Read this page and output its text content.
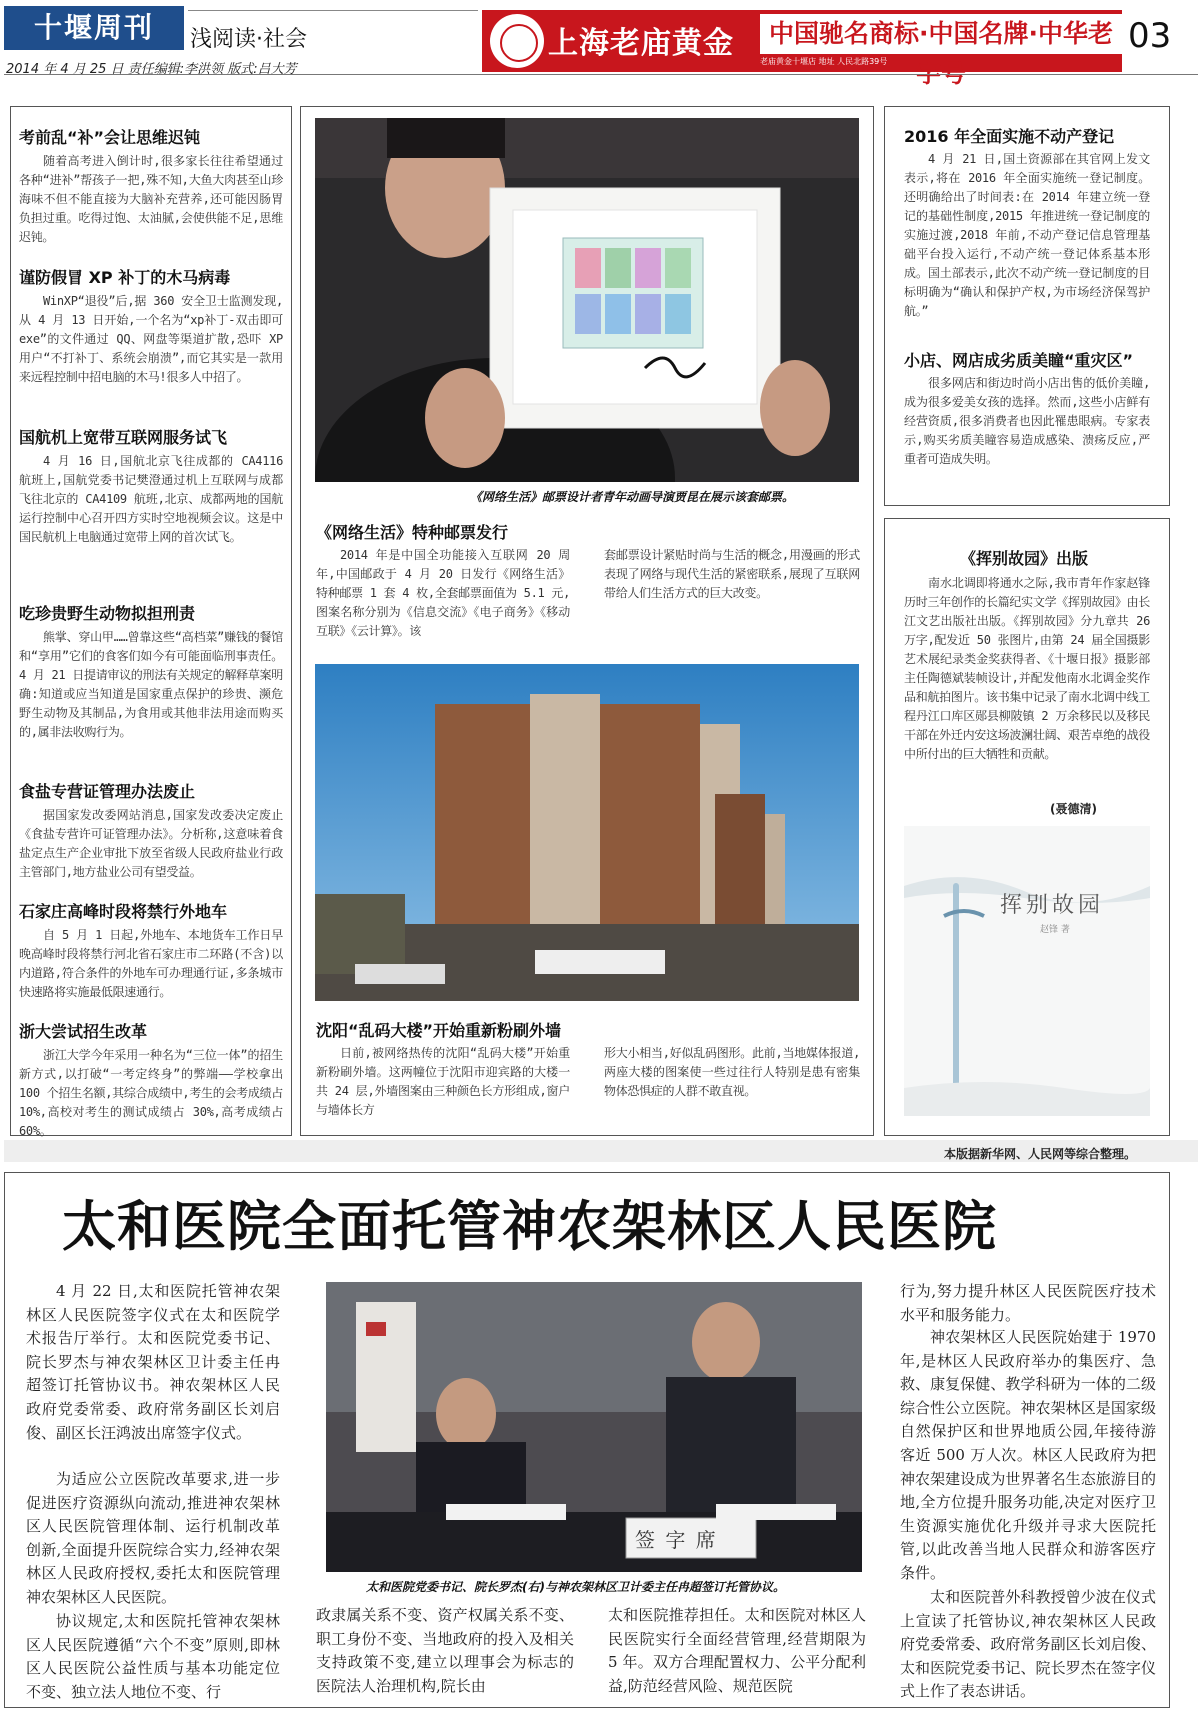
十堰周刊	浅阅读·社会
2014 年 4 月 25 日 责任编辑:李洪领 版式:吕大芳
上海老庙黄金	中国驰名商标·中国名牌·中华老字号
老庙黄金十堰店 地址 人民北路39号
03
考前乱“补”会让思维迟钝

随着高考进入倒计时,很多家长往往希望通过各种“进补”帮孩子一把,殊不知,大鱼大肉甚至山珍海味不但不能直接为大脑补充营养,还可能因肠胃负担过重。吃得过饱、太油腻,会使供能不足,思维迟钝。

谨防假冒 XP 补丁的木马病毒

WinXP“退役”后,据 360 安全卫士监测发现,从 4 月 13 日开始,一个名为“xp补丁-双击即可 exe”的文件通过 QQ、网盘等渠道扩散,恐吓 XP 用户“不打补丁、系统会崩溃”,而它其实是一款用来远程控制中招电脑的木马!很多人中招了。

国航机上宽带互联网服务试飞

4 月 16 日,国航北京飞往成都的 CA4116 航班上,国航党委书记樊澄通过机上互联网与成都飞往北京的 CA4109 航班,北京、成都两地的国航运行控制中心召开四方实时空地视频会议。这是中国民航机上电脑通过宽带上网的首次试飞。

吃珍贵野生动物拟担刑责

熊掌、穿山甲……曾靠这些“高档菜”赚钱的餐馆和“享用”它们的食客们如今有可能面临刑事责任。4 月 21 日提请审议的刑法有关规定的解释草案明确:知道或应当知道是国家重点保护的珍贵、濒危野生动物及其制品,为食用或其他非法用途而购买的,属非法收购行为。

食盐专营证管理办法废止

据国家发改委网站消息,国家发改委决定废止《食盐专营许可证管理办法》。分析称,这意味着食盐定点生产企业审批下放至省级人民政府盐业行政主管部门,地方盐业公司有望受益。

石家庄高峰时段将禁行外地车

自 5 月 1 日起,外地车、本地货车工作日早晚高峰时段将禁行河北省石家庄市二环路(不含)以内道路,符合条件的外地车可办理通行证,多条城市快速路将实施最低限速通行。

浙大尝试招生改革

浙江大学今年采用一种名为“三位一体”的招生新方式,以打破“一考定终身”的弊端——学校拿出 100 个招生名额,其综合成绩中,考生的会考成绩占 10%,高校对考生的测试成绩占 30%,高考成绩占 60%。

《网络生活》邮票设计者青年动画导演贾昆在展示该套邮票。
《网络生活》特种邮票发行

2014 年是中国全功能接入互联网 20 周年,中国邮政于 4 月 20 日发行《网络生活》特种邮票 1 套 4 枚,全套邮票面值为 5.1 元,图案名称分别为《信息交流》《电子商务》《移动互联》《云计算》。该

套邮票设计紧贴时尚与生活的概念,用漫画的形式表现了网络与现代生活的紧密联系,展现了互联网带给人们生活方式的巨大改变。

沈阳“乱码大楼”开始重新粉刷外墙

日前,被网络热传的沈阳“乱码大楼”开始重新粉刷外墙。这两幢位于沈阳市迎宾路的大楼一共 24 层,外墙图案由三种颜色长方形组成,窗户与墙体长方

形大小相当,好似乱码图形。此前,当地媒体报道,两座大楼的图案使一些过往行人特别是患有密集物体恐惧症的人群不敢直视。

2016 年全面实施不动产登记

4 月 21 日,国土资源部在其官网上发文表示,将在 2016 年全面实施统一登记制度。还明确给出了时间表:在 2014 年建立统一登记的基础性制度,2015 年推进统一登记制度的实施过渡,2018 年前,不动产登记信息管理基础平台投入运行,不动产统一登记体系基本形成。国土部表示,此次不动产统一登记制度的目标明确为“确认和保护产权,为市场经济保驾护航。”

小店、网店成劣质美瞳“重灾区”

很多网店和街边时尚小店出售的低价美瞳,成为很多爱美女孩的选择。然而,这些小店鲜有经营资质,很多消费者也因此罹患眼病。专家表示,购买劣质美瞳容易造成感染、溃疡反应,严重者可造成失明。

《挥别故园》出版

南水北调即将通水之际,我市青年作家赵锋历时三年创作的长篇纪实文学《挥别故园》由长江文艺出版社出版。《挥别故园》分九章共 26 万字,配发近 50 张图片,由第 24 届全国摄影艺术展纪录类金奖获得者、《十堰日报》摄影部主任陶德斌装帧设计,并配发他南水北调金奖作品和航拍图片。该书集中记录了南水北调中线工程丹江口库区郧县柳陂镇 2 万余移民以及移民干部在外迁内安这场波澜壮阔、艰苦卓绝的战役中所付出的巨大牺牲和贡献。

(聂德清)
挥别故园
赵锋 著
本版据新华网、人民网等综合整理。
太和医院全面托管神农架林区人民医院

4 月 22 日,太和医院托管神农架林区人民医院签字仪式在太和医院学术报告厅举行。太和医院党委书记、院长罗杰与神农架林区卫计委主任冉超签订托管协议书。神农架林区人民政府党委常委、政府常务副区长刘启俊、副区长汪鸿波出席签字仪式。

为适应公立医院改革要求,进一步促进医疗资源纵向流动,推进神农架林区人民医院管理体制、运行机制改革创新,全面提升医院综合实力,经神农架林区人民政府授权,委托太和医院管理神农架林区人民医院。

协议规定,太和医院托管神农架林区人民医院遵循“六个不变”原则,即林区人民医院公益性质与基本功能定位不变、独立法人地位不变、行

签 字 席
太和医院党委书记、院长罗杰(右)与神农架林区卫计委主任冉超签订托管协议。

政隶属关系不变、资产权属关系不变、职工身份不变、当地政府的投入及相关支持政策不变,建立以理事会为标志的医院法人治理机构,院长由

太和医院推荐担任。太和医院对林区人民医院实行全面经营管理,经营期限为 5 年。双方合理配置权力、公平分配利益,防范经营风险、规范医院

行为,努力提升林区人民医院医疗技术水平和服务能力。

神农架林区人民医院始建于 1970 年,是林区人民政府举办的集医疗、急救、康复保健、教学科研为一体的二级综合性公立医院。神农架林区是国家级自然保护区和世界地质公园,年接待游客近 500 万人次。林区人民政府为把神农架建设成为世界著名生态旅游目的地,全方位提升服务功能,决定对医疗卫生资源实施优化升级并寻求大医院托管,以此改善当地人民群众和游客医疗条件。

太和医院普外科教授曾少波在仪式上宣读了托管协议,神农架林区人民政府党委常委、政府常务副区长刘启俊、太和医院党委书记、院长罗杰在签字仪式上作了表态讲话。
